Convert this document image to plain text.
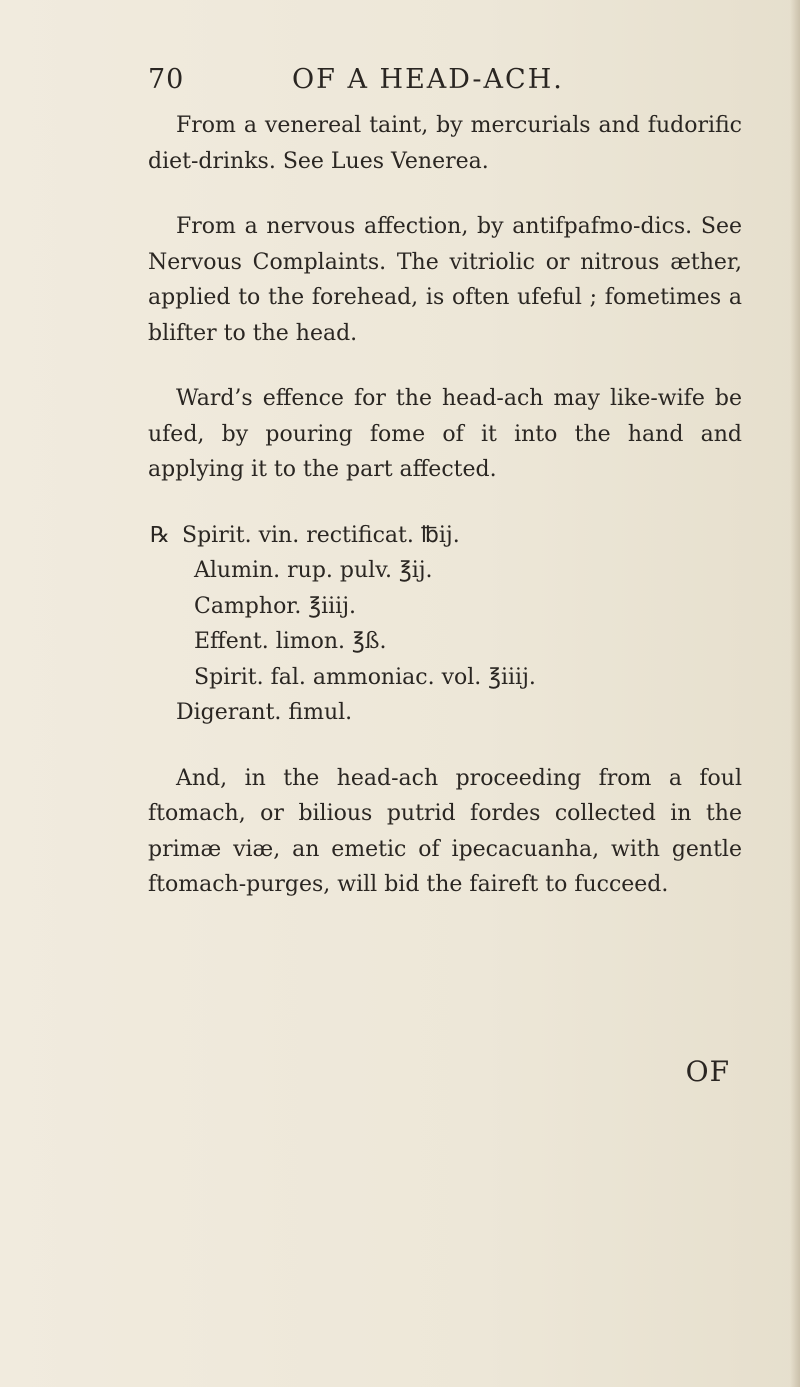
70	OF A HEAD-ACH.

From a venereal taint, by mercurials and fudorific diet-drinks. See Lues Venerea.

From a nervous affection, by antifpafmo-dics. See Nervous Complaints. The vitriolic or nitrous æther, applied to the forehead, is often ufeful ; fometimes a blifter to the head.

Ward’s effence for the head-ach may like-wife be ufed, by pouring fome of it into the hand and applying it to the part affected.

℞ Spirit. vin. rectificat. ℔ij.
Alumin. rup. pulv. ℥ij.
Camphor. ℥iiij.
Effent. limon. ℥ß.
Spirit. fal. ammoniac. vol. ℥iiij.
Digerant. fimul.

And, in the head-ach proceeding from a foul ftomach, or bilious putrid fordes collected in the primæ viæ, an emetic of ipecacuanha, with gentle ftomach-purges, will bid the faireft to fucceed.

OF
